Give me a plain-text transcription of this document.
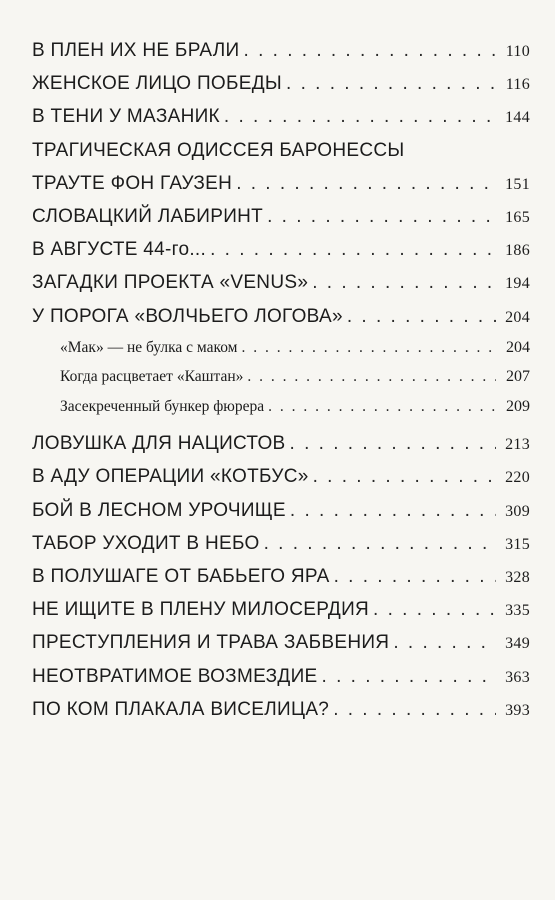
В ПЛЕН ИХ НЕ БРАЛИ . . .	110
ЖЕНСКОЕ ЛИЦО ПОБЕДЫ . . .	116
В ТЕНИ У МАЗАНИК . . .	144
ТРАГИЧЕСКАЯ ОДИССЕЯ БАРОНЕССЫ
ТРАУТЕ ФОН ГАУЗЕН . . .	151
СЛОВАЦКИЙ ЛАБИРИНТ . . .	165
В АВГУСТЕ 44-го... . . .	186
ЗАГАДКИ ПРОЕКТА «VENUS» . . .	194
У ПОРОГА «ВОЛЧЬЕГО ЛОГОВА» . . .	204
«Мак» — не булка с маком . . .	204
Когда расцветает «Каштан» . . .	207
Засекреченный бункер фюрера . . .	209
ЛОВУШКА ДЛЯ НАЦИСТОВ . . .	213
В АДУ ОПЕРАЦИИ «КОТБУС» . . .	220
БОЙ В ЛЕСНОМ УРОЧИЩЕ . . .	309
ТАБОР УХОДИТ В НЕБО . . .	315
В ПОЛУШАГЕ ОТ БАБЬЕГО ЯРА . . .	328
НЕ ИЩИТЕ В ПЛЕНУ МИЛОСЕРДИЯ . . .	335
ПРЕСТУПЛЕНИЯ И ТРАВА ЗАБВЕНИЯ . . .	349
НЕОТВРАТИМОЕ ВОЗМЕЗДИЕ . . .	363
ПО КОМ ПЛАКАЛА ВИСЕЛИЦА? . . .	393
